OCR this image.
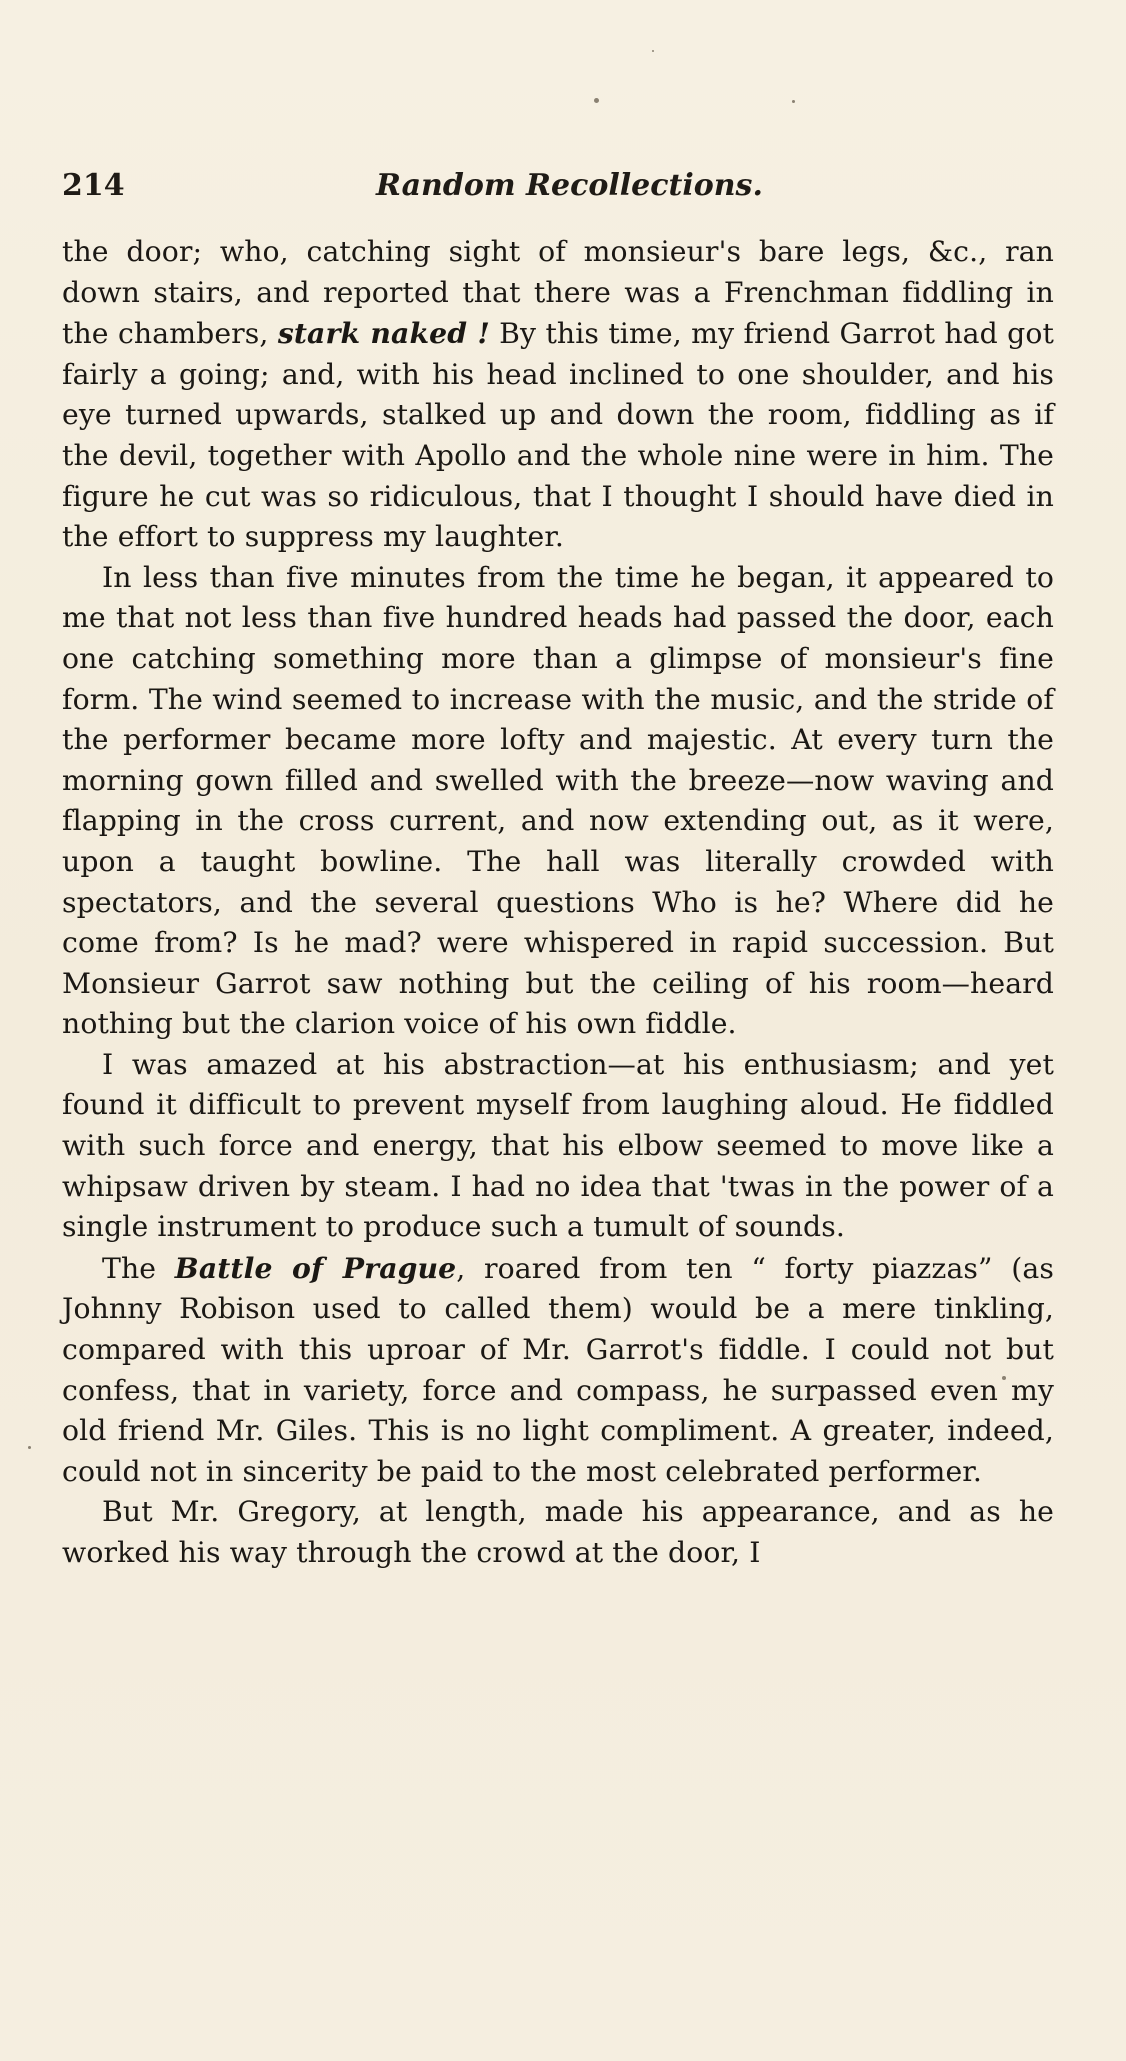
214	Random Recollections.

the door; who, catching sight of monsieur's bare legs, &c., ran down stairs, and reported that there was a Frenchman fiddling in the chambers, stark naked ! By this time, my friend Garrot had got fairly a going; and, with his head inclined to one shoulder, and his eye turned upwards, stalked up and down the room, fiddling as if the devil, together with Apollo and the whole nine were in him. The figure he cut was so ridiculous, that I thought I should have died in the effort to suppress my laughter.

In less than five minutes from the time he began, it appeared to me that not less than five hundred heads had passed the door, each one catching something more than a glimpse of monsieur's fine form. The wind seemed to increase with the music, and the stride of the performer became more lofty and majestic. At every turn the morning gown filled and swelled with the breeze—now waving and flapping in the cross current, and now extending out, as it were, upon a taught bowline. The hall was literally crowded with spectators, and the several questions Who is he? Where did he come from? Is he mad? were whispered in rapid succession. But Monsieur Garrot saw nothing but the ceiling of his room—heard nothing but the clarion voice of his own fiddle.

I was amazed at his abstraction—at his enthusiasm; and yet found it difficult to prevent myself from laughing aloud. He fiddled with such force and energy, that his elbow seemed to move like a whipsaw driven by steam. I had no idea that 'twas in the power of a single instrument to produce such a tumult of sounds.

The Battle of Prague, roared from ten “ forty piazzas” (as Johnny Robison used to called them) would be a mere tinkling, compared with this uproar of Mr. Garrot's fiddle. I could not but confess, that in variety, force and compass, he surpassed even my old friend Mr. Giles. This is no light compliment. A greater, indeed, could not in sincerity be paid to the most celebrated performer.

But Mr. Gregory, at length, made his appearance, and as he worked his way through the crowd at the door, I
